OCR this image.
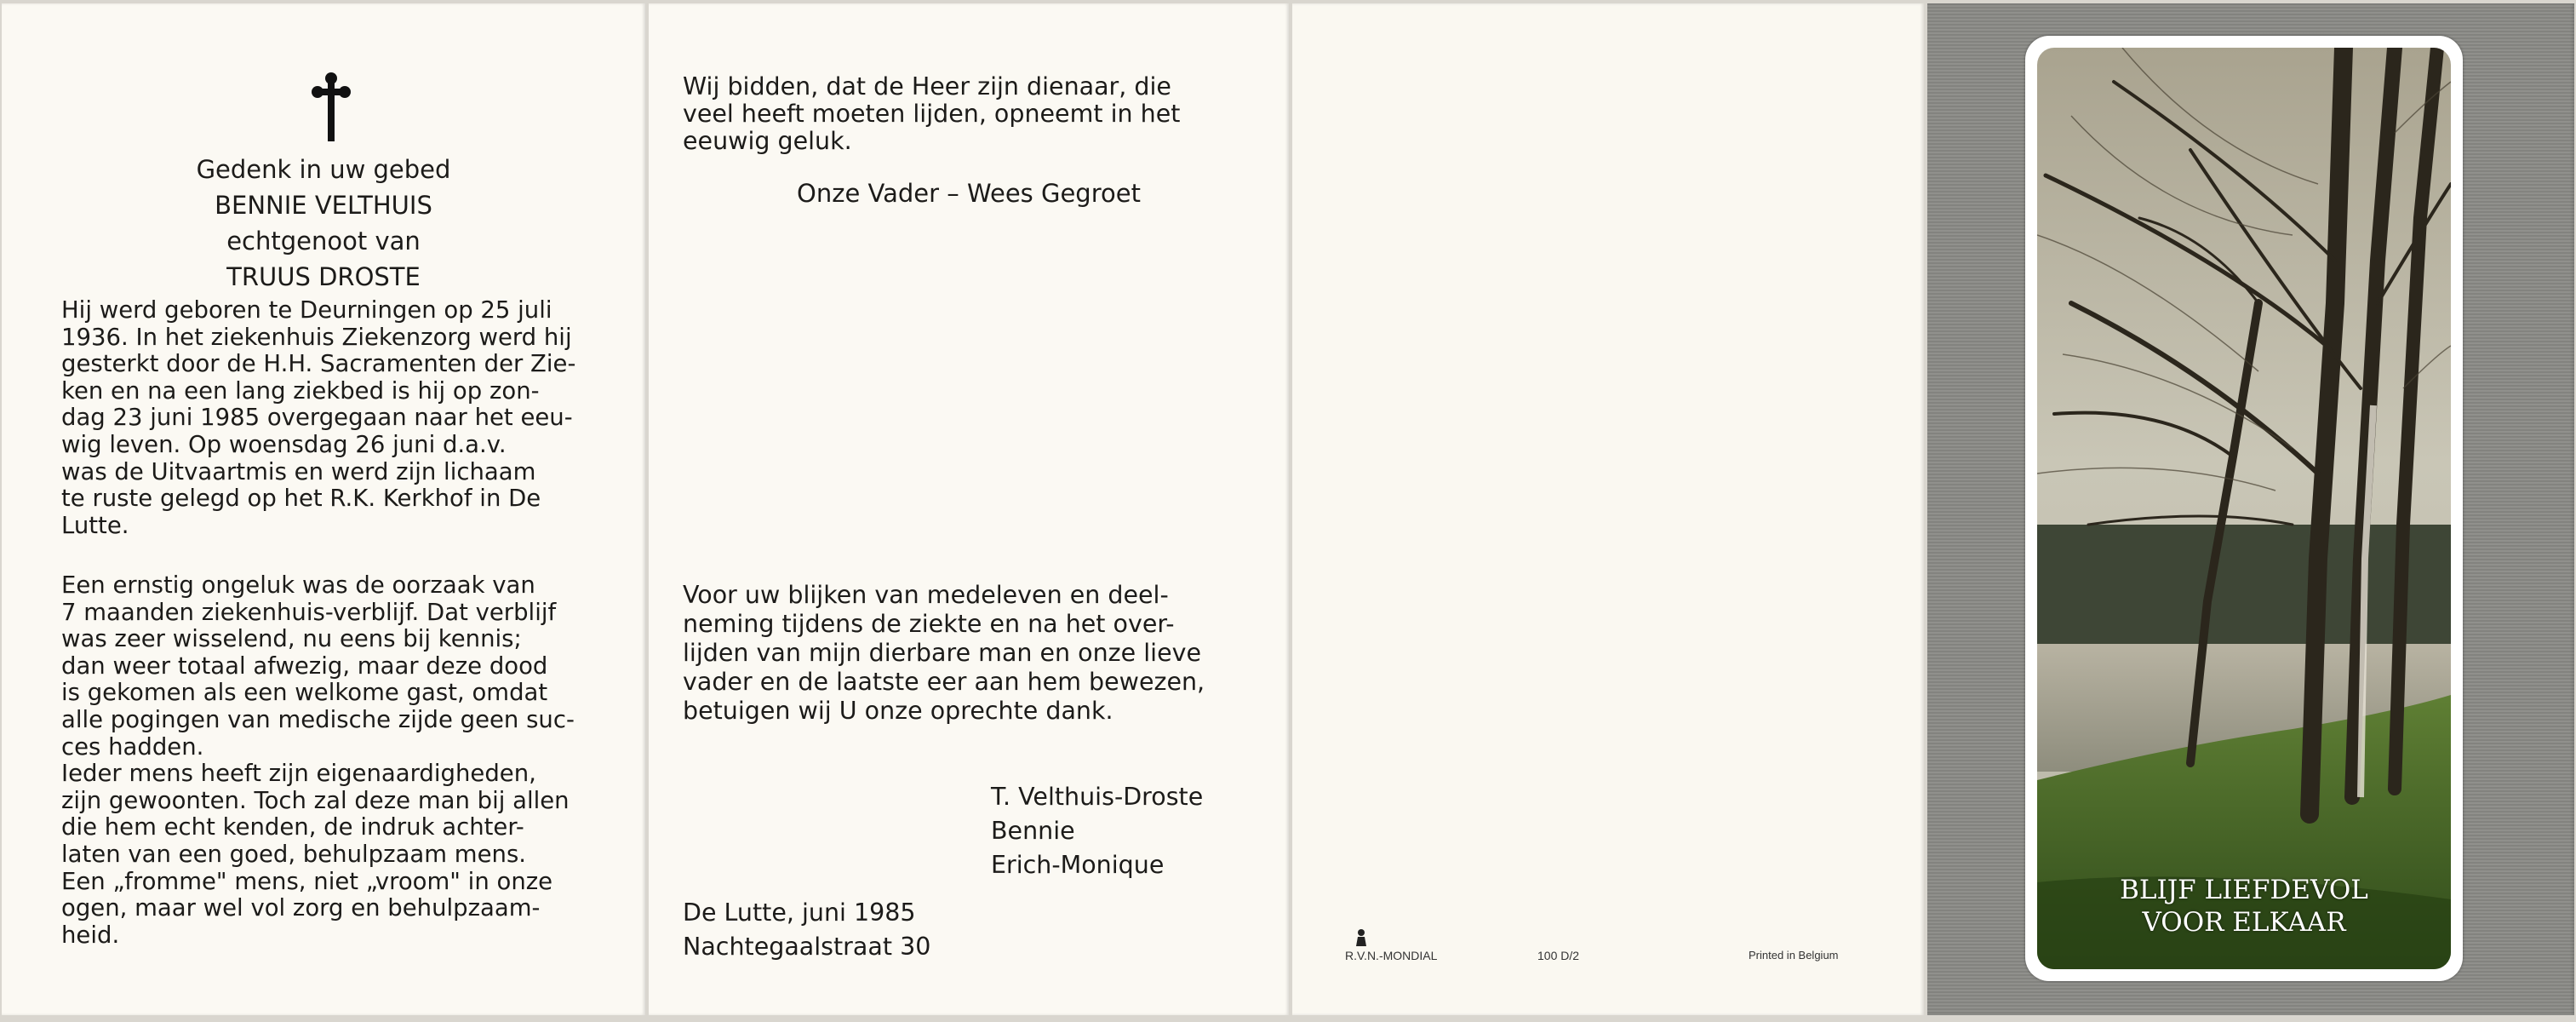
Gedenk in uw gebed
BENNIE VELTHUIS
echtgenoot van
TRUUS DROSTE
Hij werd geboren te Deurningen op 25 juli
1936. In het ziekenhuis Ziekenzorg werd hij
gesterkt door de H.H. Sacramenten der Zie-
ken en na een lang ziekbed is hij op zon-
dag 23 juni 1985 overgegaan naar het eeu-
wig leven. Op woensdag 26 juni d.a.v.
was de Uitvaartmis en werd zijn lichaam
te ruste gelegd op het R.K. Kerkhof in De
Lutte.
Een ernstig ongeluk was de oorzaak van
7 maanden ziekenhuis-verblijf. Dat verblijf
was zeer wisselend, nu eens bij kennis;
dan weer totaal afwezig, maar deze dood
is gekomen als een welkome gast, omdat
alle pogingen van medische zijde geen suc-
ces hadden.
Ieder mens heeft zijn eigenaardigheden,
zijn gewoonten. Toch zal deze man bij allen
die hem echt kenden, de indruk achter-
laten van een goed, behulpzaam mens.
Een „fromme" mens, niet „vroom" in onze
ogen, maar wel vol zorg en behulpzaam-
heid.
Wij bidden, dat de Heer zijn dienaar, die
veel heeft moeten lijden, opneemt in het
eeuwig geluk.
Onze Vader – Wees Gegroet
Voor uw blijken van medeleven en deel-
neming tijdens de ziekte en na het over-
lijden van mijn dierbare man en onze lieve
vader en de laatste eer aan hem bewezen,
betuigen wij U onze oprechte dank.
T. Velthuis-Droste
Bennie
Erich-Monique
De Lutte, juni 1985
Nachtegaalstraat 30	R.V.N.-MONDIAL	100 D/2	Printed in Belgium
BLIJF LIEFDEVOL
VOOR ELKAAR
